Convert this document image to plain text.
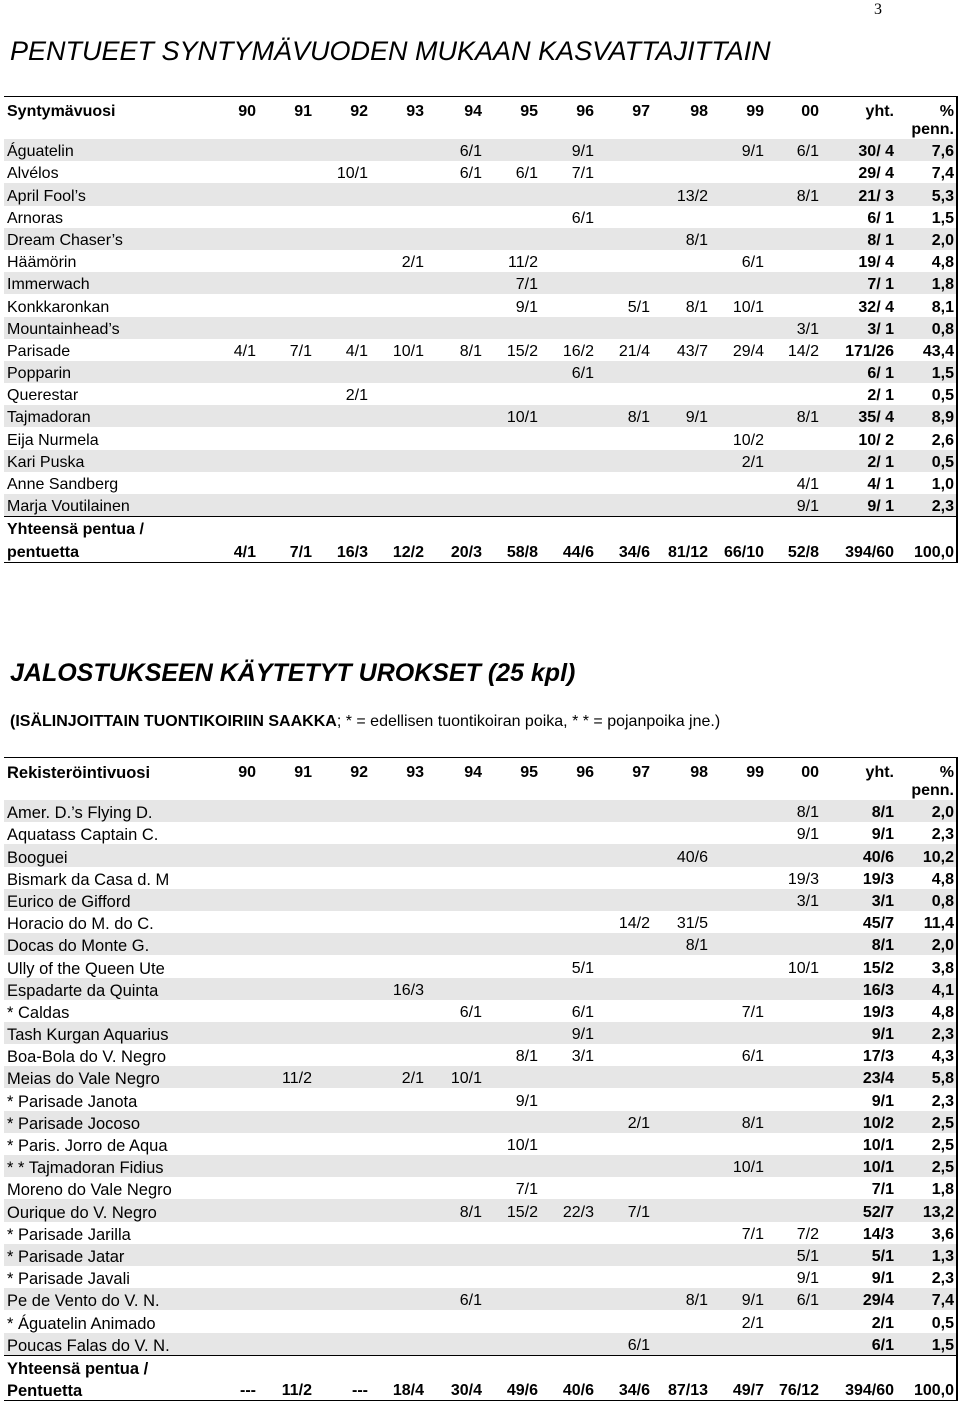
3
PENTUEET SYNTYMÄVUODEN MUKAAN KASVATTAJITTAIN
Syntymävuosi	90	91	92	93	94	95	96	97	98	99	00	yht.	%
													penn.
Águatelin					6/1		9/1			9/1	6/1	30/ 4	7,6
Alvélos			10/1		6/1	6/1	7/1					29/ 4	7,4
April Fool’s									13/2		8/1	21/ 3	5,3
Arnoras							6/1					6/ 1	1,5
Dream Chaser’s									8/1			8/ 1	2,0
Häämörin				2/1		11/2				6/1		19/ 4	4,8
Immerwach						7/1						7/ 1	1,8
Konkkaronkan						9/1		5/1	8/1	10/1		32/ 4	8,1
Mountainhead’s											3/1	3/ 1	0,8
Parisade	4/1	7/1	4/1	10/1	8/1	15/2	16/2	21/4	43/7	29/4	14/2	171/26	43,4
Popparin							6/1					6/ 1	1,5
Querestar			2/1									2/ 1	0,5
Tajmadoran						10/1		8/1	9/1		8/1	35/ 4	8,9
Eija Nurmela										10/2		10/ 2	2,6
Kari Puska										2/1		2/ 1	0,5
Anne Sandberg											4/1	4/ 1	1,0
Marja Voutilainen											9/1	9/ 1	2,3
Yhteensä pentua /													
pentuetta	4/1	7/1	16/3	12/2	20/3	58/8	44/6	34/6	81/12	66/10	52/8	394/60	100,0
JALOSTUKSEEN KÄYTETYT UROKSET (25 kpl)
(ISÄLINJOITTAIN TUONTIKOIRIIN SAAKKA; * = edellisen tuontikoiran poika, * * = pojanpoika jne.)
Rekisteröintivuosi	90	91	92	93	94	95	96	97	98	99	00	yht.	%
													penn.
Amer. D.’s Flying D.											8/1	8/1	2,0
Aquatass Captain C.											9/1	9/1	2,3
Booguei									40/6			40/6	10,2
Bismark da Casa d. M											19/3	19/3	4,8
Eurico de Gifford											3/1	3/1	0,8
Horacio do M. do C.								14/2	31/5			45/7	11,4
Docas do Monte G.									8/1			8/1	2,0
Ully of the Queen Ute							5/1				10/1	15/2	3,8
Espadarte da Quinta				16/3								16/3	4,1
* Caldas					6/1		6/1			7/1		19/3	4,8
Tash Kurgan Aquarius							9/1					9/1	2,3
Boa-Bola do V. Negro						8/1	3/1			6/1		17/3	4,3
Meias do Vale Negro		11/2		2/1	10/1							23/4	5,8
* Parisade Janota						9/1						9/1	2,3
* Parisade Jocoso								2/1		8/1		10/2	2,5
* Paris. Jorro de Aqua						10/1						10/1	2,5
* * Tajmadoran Fidius										10/1		10/1	2,5
Moreno do Vale Negro						7/1						7/1	1,8
Ourique do V. Negro					8/1	15/2	22/3	7/1				52/7	13,2
* Parisade Jarilla										7/1	7/2	14/3	3,6
* Parisade Jatar											5/1	5/1	1,3
* Parisade Javali											9/1	9/1	2,3
Pe de Vento do V. N.					6/1				8/1	9/1	6/1	29/4	7,4
* Águatelin Animado										2/1		2/1	0,5
Poucas Falas do V. N.								6/1				6/1	1,5
Yhteensä pentua /													
Pentuetta	---	11/2	---	18/4	30/4	49/6	40/6	34/6	87/13	49/7	76/12	394/60	100,0
